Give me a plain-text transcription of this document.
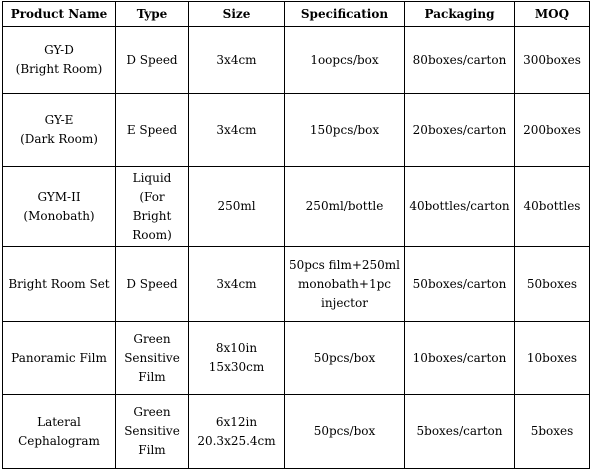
Product Name	Type	Size	Specification	Packaging	MOQ
GY-D
(Bright Room)	D Speed	3x4cm	1oopcs/box	80boxes/carton	300boxes
GY-E
(Dark Room)	E Speed	3x4cm	150pcs/box	20boxes/carton	200boxes
GYM-II
(Monobath)	Liquid
(For
Bright
Room)	250ml	250ml/bottle	40bottles/carton	40bottles
Bright Room Set	D Speed	3x4cm	50pcs film+250ml
monobath+1pc
injector	50boxes/carton	50boxes
Panoramic Film	Green
Sensitive
Film	8x10in
15x30cm	50pcs/box	10boxes/carton	10boxes
Lateral
Cephalogram	Green
Sensitive
Film	6x12in
20.3x25.4cm	50pcs/box	5boxes/carton	5boxes
